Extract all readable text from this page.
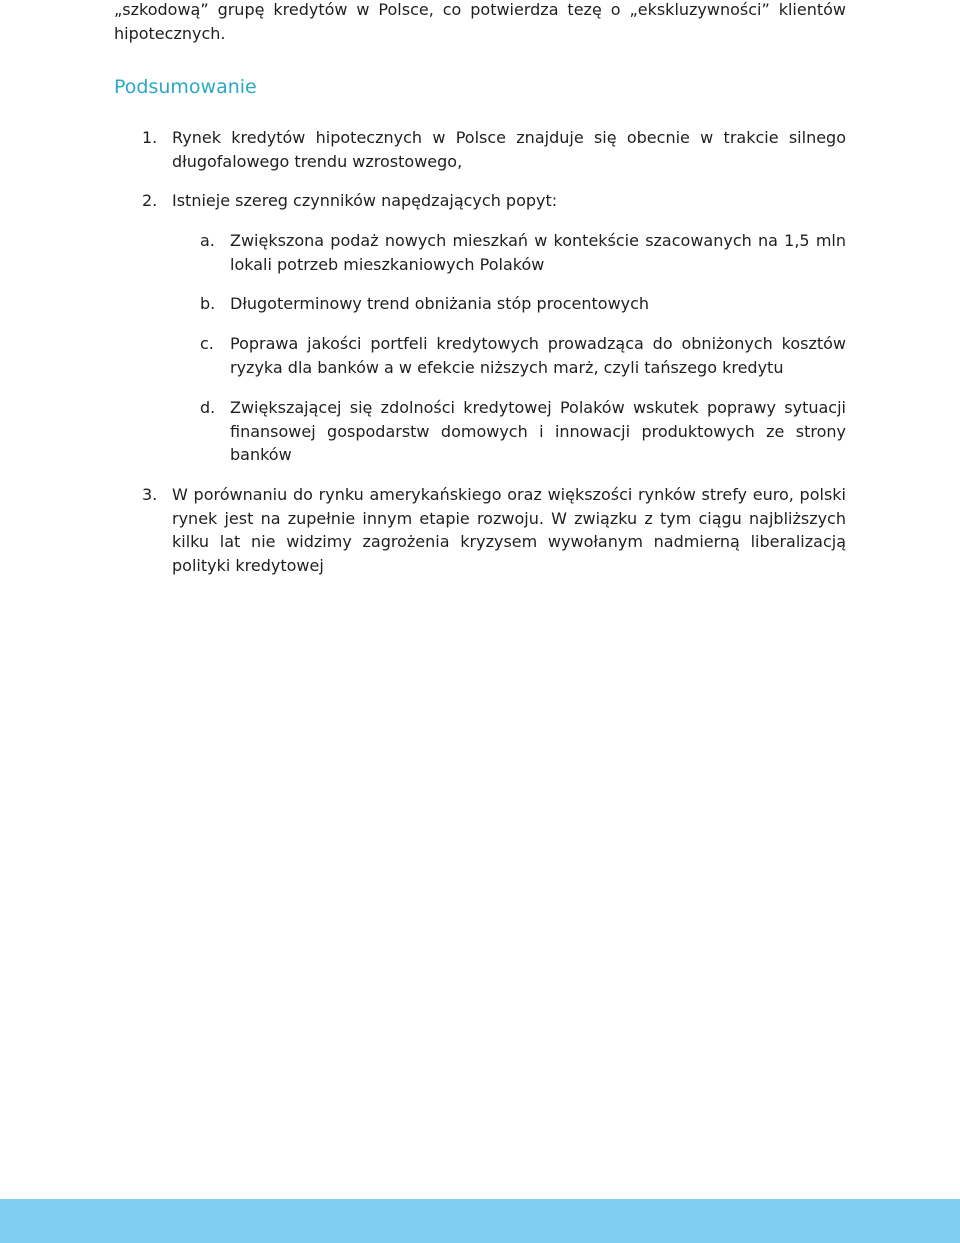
„szkodową” grupę kredytów w Polsce, co potwierdza tezę o „ekskluzywności” klientów hipotecznych.

Podsumowanie
1. Rynek kredytów hipotecznych w Polsce znajduje się obecnie w trakcie silnego długofalowego trendu wzrostowego,
2. Istnieje szereg czynników napędzających popyt:
a. Zwiększona podaż nowych mieszkań w kontekście szacowanych na 1,5 mln lokali potrzeb mieszkaniowych Polaków
b. Długoterminowy trend obniżania stóp procentowych
c. Poprawa jakości portfeli kredytowych prowadząca do obniżonych kosztów ryzyka dla banków a w efekcie niższych marż, czyli tańszego kredytu
d. Zwiększającej się zdolności kredytowej Polaków wskutek poprawy sytuacji finansowej gospodarstw domowych i innowacji produktowych ze strony banków
3. W porównaniu do rynku amerykańskiego oraz większości rynków strefy euro, polski rynek jest na zupełnie innym etapie rozwoju. W związku z tym ciągu najbliższych kilku lat nie widzimy zagrożenia kryzysem wywołanym nadmierną liberalizacją polityki kredytowej
